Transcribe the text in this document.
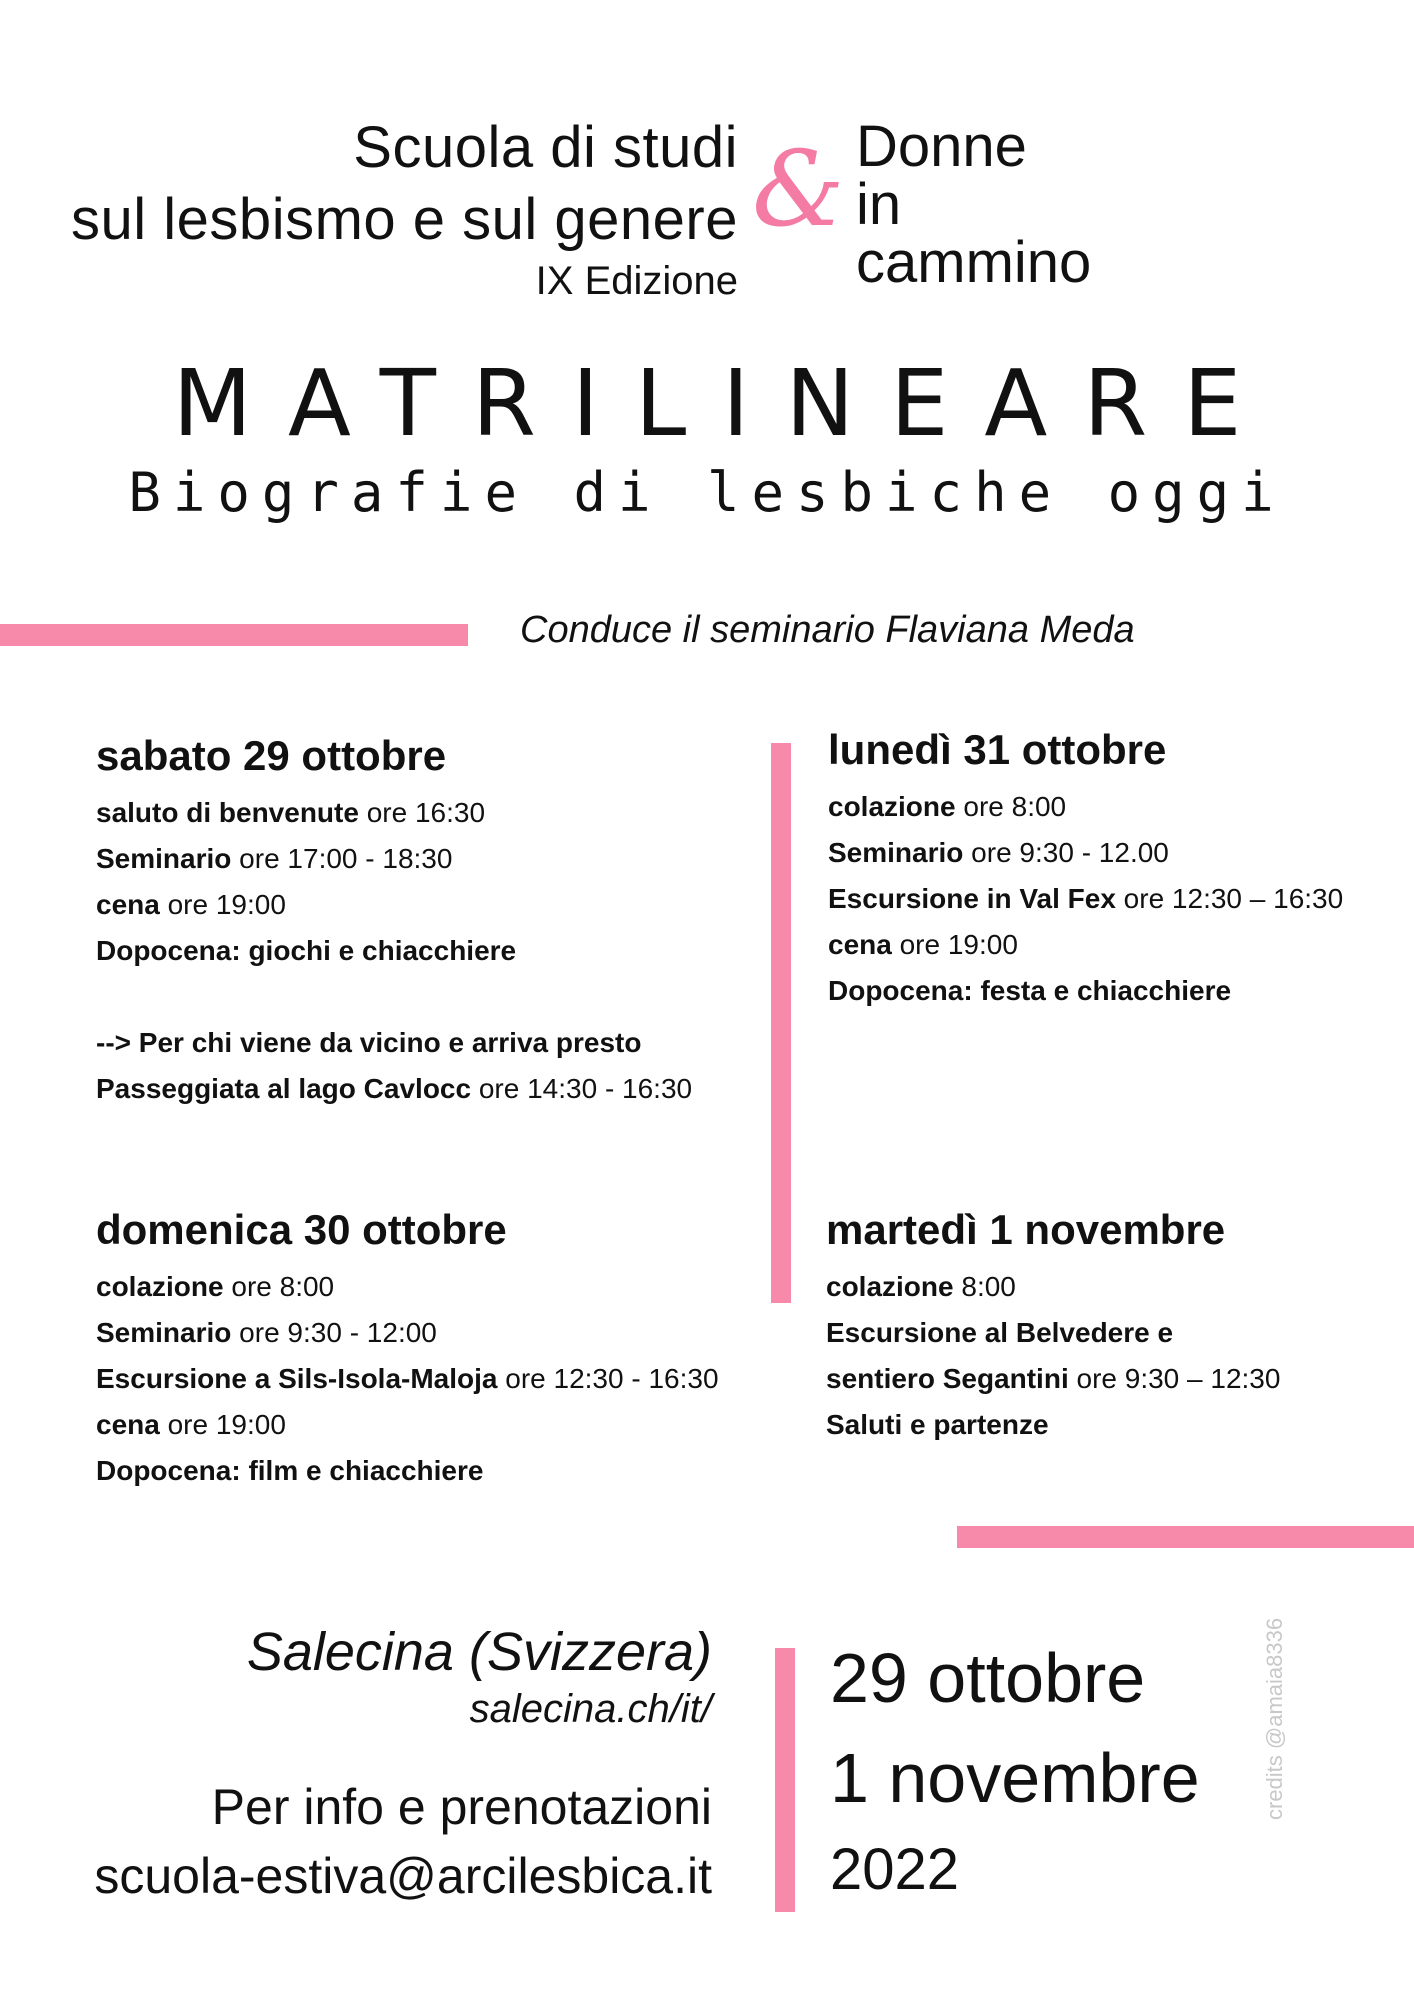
Scuola di studi
sul lesbismo e sul genere
IX Edizione
& Donne
in
cammino
MATRILINEARE
Biografie di lesbiche oggi
Conduce il seminario Flaviana Meda
sabato 29 ottobre
saluto di benvenute ore 16:30
Seminario ore 17:00 - 18:30
cena ore 19:00
Dopocena: giochi e chiacchiere
--> Per chi viene da vicino e arriva presto
Passeggiata al lago Cavlocc ore 14:30 - 16:30
domenica 30 ottobre
colazione ore 8:00
Seminario ore 9:30 - 12:00
Escursione a Sils-Isola-Maloja ore 12:30 - 16:30
cena ore 19:00
Dopocena: film e chiacchiere
lunedì 31 ottobre
colazione ore 8:00
Seminario ore 9:30 - 12.00
Escursione in Val Fex ore 12:30 – 16:30
cena ore 19:00
Dopocena: festa e chiacchiere
martedì 1 novembre
colazione 8:00
Escursione al Belvedere e
sentiero Segantini ore 9:30 – 12:30
Saluti e partenze
Salecina (Svizzera)
salecina.ch/it/
Per info e prenotazioni
scuola-estiva@arcilesbica.it
29 ottobre
1 novembre
2022
credits @amaia8336
